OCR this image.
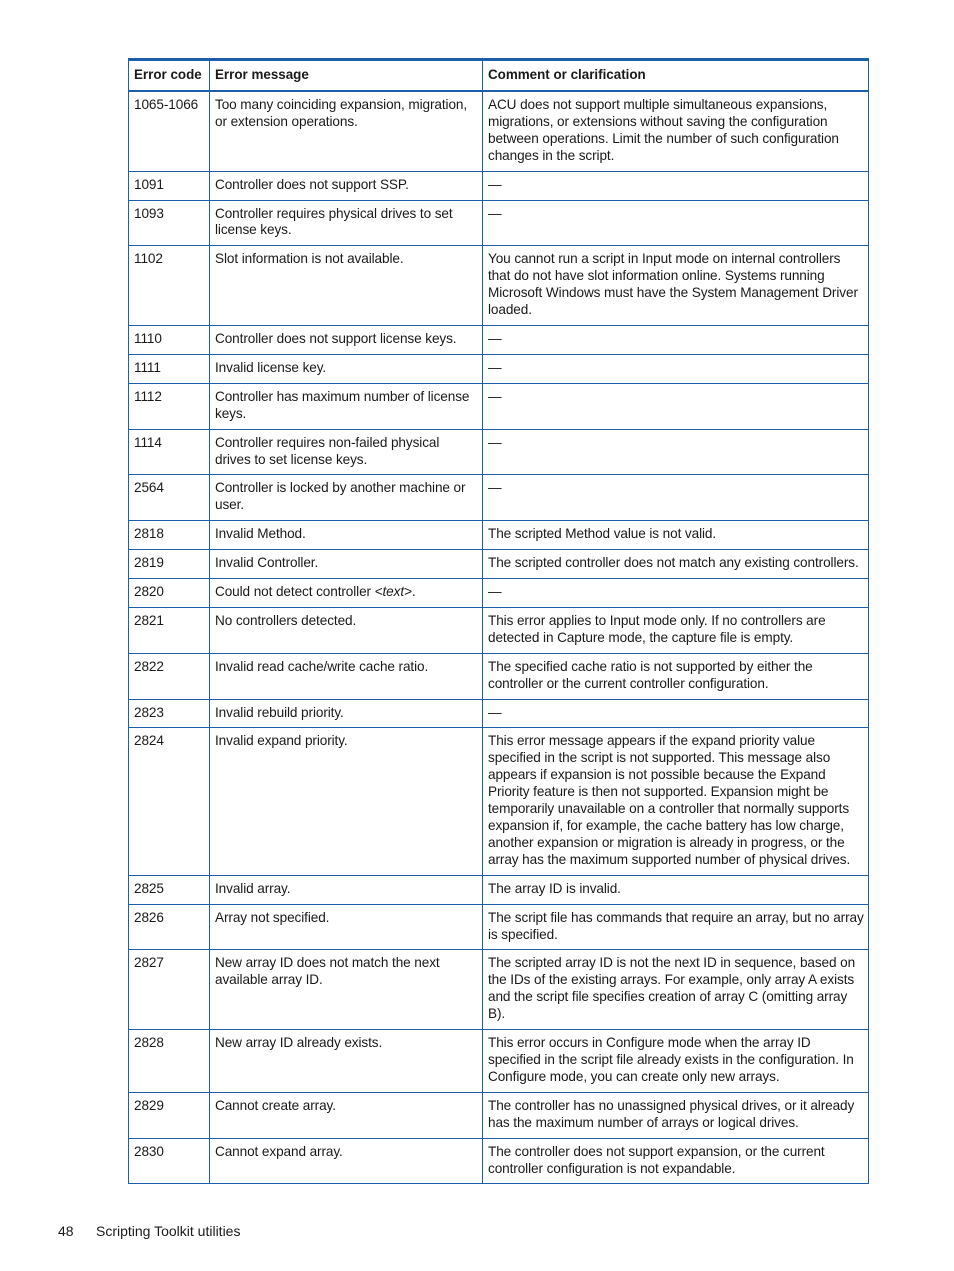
Error code	Error message	Comment or clarification
1065-1066	Too many coinciding expansion, migration, or extension operations.	ACU does not support multiple simultaneous expansions, migrations, or extensions without saving the configuration between operations. Limit the number of such configuration changes in the script.
1091	Controller does not support SSP.	—
1093	Controller requires physical drives to set license keys.	—
1102	Slot information is not available.	You cannot run a script in Input mode on internal controllers that do not have slot information online. Systems running Microsoft Windows must have the System Management Driver loaded.
1110	Controller does not support license keys.	—
1111	Invalid license key.	—
1112	Controller has maximum number of license keys.	—
1114	Controller requires non-failed physical drives to set license keys.	—
2564	Controller is locked by another machine or user.	—
2818	Invalid Method.	The scripted Method value is not valid.
2819	Invalid Controller.	The scripted controller does not match any existing controllers.
2820	Could not detect controller <text>.	—
2821	No controllers detected.	This error applies to Input mode only. If no controllers are detected in Capture mode, the capture file is empty.
2822	Invalid read cache/write cache ratio.	The specified cache ratio is not supported by either the controller or the current controller configuration.
2823	Invalid rebuild priority.	—
2824	Invalid expand priority.	This error message appears if the expand priority value specified in the script is not supported. This message also appears if expansion is not possible because the Expand Priority feature is then not supported. Expansion might be temporarily unavailable on a controller that normally supports expansion if, for example, the cache battery has low charge, another expansion or migration is already in progress, or the array has the maximum supported number of physical drives.
2825	Invalid array.	The array ID is invalid.
2826	Array not specified.	The script file has commands that require an array, but no array is specified.
2827	New array ID does not match the next available array ID.	The scripted array ID is not the next ID in sequence, based on the IDs of the existing arrays. For example, only array A exists and the script file specifies creation of array C (omitting array B).
2828	New array ID already exists.	This error occurs in Configure mode when the array ID specified in the script file already exists in the configuration. In Configure mode, you can create only new arrays.
2829	Cannot create array.	The controller has no unassigned physical drives, or it already has the maximum number of arrays or logical drives.
2830	Cannot expand array.	The controller does not support expansion, or the current controller configuration is not expandable.
48 Scripting Toolkit utilities
